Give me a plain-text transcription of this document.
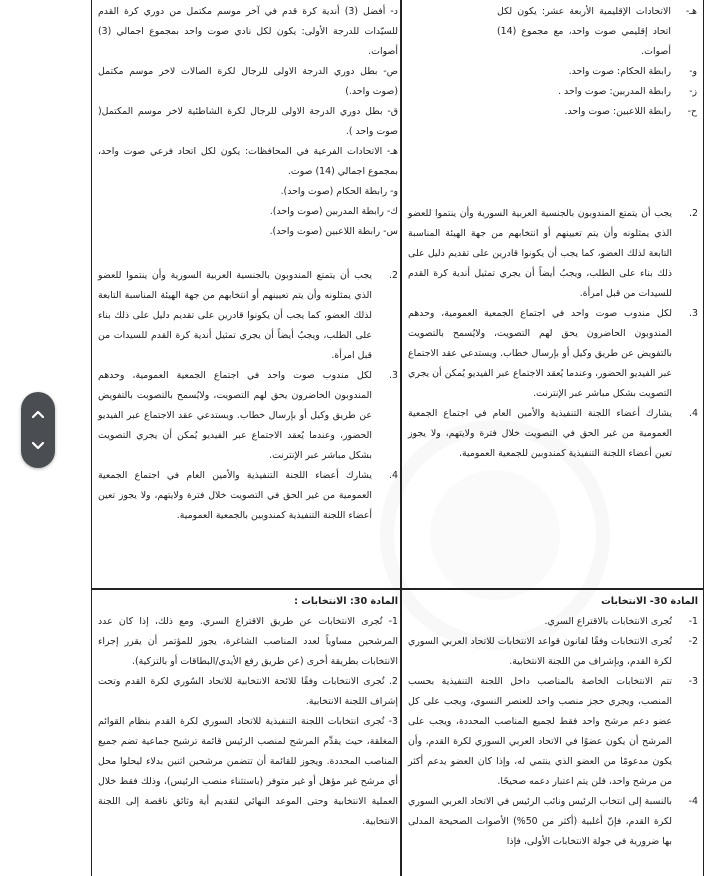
هـ-
الاتحادات الإقليمية الأربعة عشر: يكون لكل اتحاد إقليمي صوت واحد، مع مجموع (14) أصوات.
و-
رابطة الحكام: صوت واحد.
ز-
رابطة المدربين: صوت واحد .
ح-
رابطة اللاعبين: صوت واحد.
د- أفضل (3) أندية كرة قدم في آخر موسم مكتمل من دوري كرة القدم للسيّدات للدرجة الأولى: يكون لكل نادي صوت واحد بمجموع اجمالي (3) أصوات.
ص- بطل دوري الدرجة الاولى للرجال لكرة الصالات لاخر موسم مكتمل (صوت واحد.)
ق- بطل دوري الدرجة الاولى للرجال لكرة الشاطئية لاخر موسم المكتمل( صوت واحد ).
هـ- الاتحادات الفرعية في المحافظات: يكون لكل اتحاد فرعي صوت واحد، بمجموع اجمالي (14) صوت.
و- رابطة الحكام (صوت واحد).
ك- رابطة المدربين (صوت واحد).
س- رابطة اللاعبين (صوت واحد).
2.
يجب أن يتمتع المندوبون بالجنسية العربية السورية وأن ينتموا للعضو الذي يمثلونه وأن يتم تعيينهم أو انتخابهم من جهة الهيئة المناسبة التابعة لذلك العضو، كما يجب أن يكونوا قادرين على تقديم دليل على ذلك بناء على الطلب، ويجبُ أيضاً أن يجري تمثيل أندية كرة القدم للسيدات من قبل امرأة.
3.
لكل مندوب صوت واحد في اجتماع الجمعية العمومية، وحدهم المندوبون الحاضرون يحق لهم التصويت، ولايُسمح بالتصويت بالتفويض عن طريق وكيل أو بإرسال خطاب. ويستدعي عقد الاجتماع عبر الفيديو الحضور، وعندما يُعقد الاجتماع عبر الفيديو يُمكن أن يجري التصويت بشكل مباشر عبر الإنترنت.
4.
يشارك أعضاء اللجنة التنفيذية والأمين العام في اجتماع الجمعية العمومية من غير الحق في التصويت خلال فترة ولايتهم، ولا يجوز تعين أعضاء اللجنة التنفيذية كمندوبين للجمعية العمومية.
2.
يجب أن يتمتع المندوبون بالجنسية العربية السورية وأن ينتموا للعضو الذي يمثلونه وأن يتم تعيينهم أو انتخابهم من جهة الهيئة المناسبة التابعة لذلك العضو، كما يجب أن يكونوا قادرين على تقديم دليل على ذلك بناء على الطلب، ويجبُ أيضاً أن يجري تمثيل أندية كرة القدم للسيدات من قبل امرأة.
3.
لكل مندوب صوت واحد في اجتماع الجمعية العمومية، وحدهم المندوبون الحاضرون يحق لهم التصويت، ولايُسمح بالتصويت بالتفويض عن طريق وكيل أو بإرسال خطاب. ويستدعي عقد الاجتماع عبر الفيديو الحضور، وعندما يُعقد الاجتماع عبر الفيديو يُمكن أن يجري التصويت بشكل مباشر عبر الإنترنت.
4.
يشارك أعضاء اللجنة التنفيذية والأمين العام في اجتماع الجمعية العمومية من غير الحق في التصويت خلال فترة ولايتهم، ولا يجوز تعين أعضاء اللجنة التنفيذية كمندوبين بالجمعية العمومية.

المادة 30- الانتخابات

1-
تُجرى الانتخابات بالاقتراع السري.
2-
تُجرى الانتخابات وفقًا لقانون قواعد الانتخابات للاتحاد العربي السوري لكرة القدم، وبإشراف من اللجنة الانتخابية.
3-
تتم الانتخابات الخاصة بالمناصب داخل اللجنة التنفيذية بحسب المنصب، ويجري حجز منصب واحد للعنصر النسوي، ويجب على كل عضو دعم مرشح واحد فقط لجميع المناصب المحددة، ويجب على المرشح أن يكون عضوًا في الاتحاد العربي السوري لكرة القدم، وأن يكون مدعومًا من العضو الذي ينتمي له، وإذا كان العضو يدعم أكثر من مرشح واحد، فلن يتم اعتبار دعمه صحيحًا.
4-
بالنسبة إلى انتخاب الرئيس ونائب الرئيس في الاتحاد العربي السوري لكرة القدم، فإنّ أغلبية (أكثر من 50%) الأصوات الصحيحة المدلى بها ضرورية في جولة الانتخابات الأولى، فإذا

المادة 30: الانتخابات :

1- تُجرى الانتخابات عن طريق الاقتراع السري. ومع ذلك، إذا كان عدد المرشحين مساوياً لعدد المناصب الشاغرة، يجوز للمؤتمر أن يقرر إجراء الانتخابات بطريقة أخرى (عن طريق رفع الأيدي/البطاقات أو بالتزكية).
2. تُجرى الانتخابات وفقًا للائحة الانتخابية للاتحاد السُوري لكرة القدم وتحت إشراف اللجنة الانتخابية.
3- تُجرى انتخابات اللجنة التنفيذية للاتحاد السوري لكرة القدم بنظام القوائم المغلقة، حيث يقدِّم المرشح لمنصب الرئيس قائمة ترشيح جماعية تضم جميع المناصب المحددة. ويجوز للقائمة أن تتضمن مرشحين اثنين بدلاء ليحلوا محل أي مرشح غير مؤهل أو غير متوفر (باستثناء منصب الرئيس)، وذلك فقط خلال العملية الانتخابية وحتى الموعد النهائي لتقديم أية وثائق ناقصة إلى اللجنة الانتخابية.
